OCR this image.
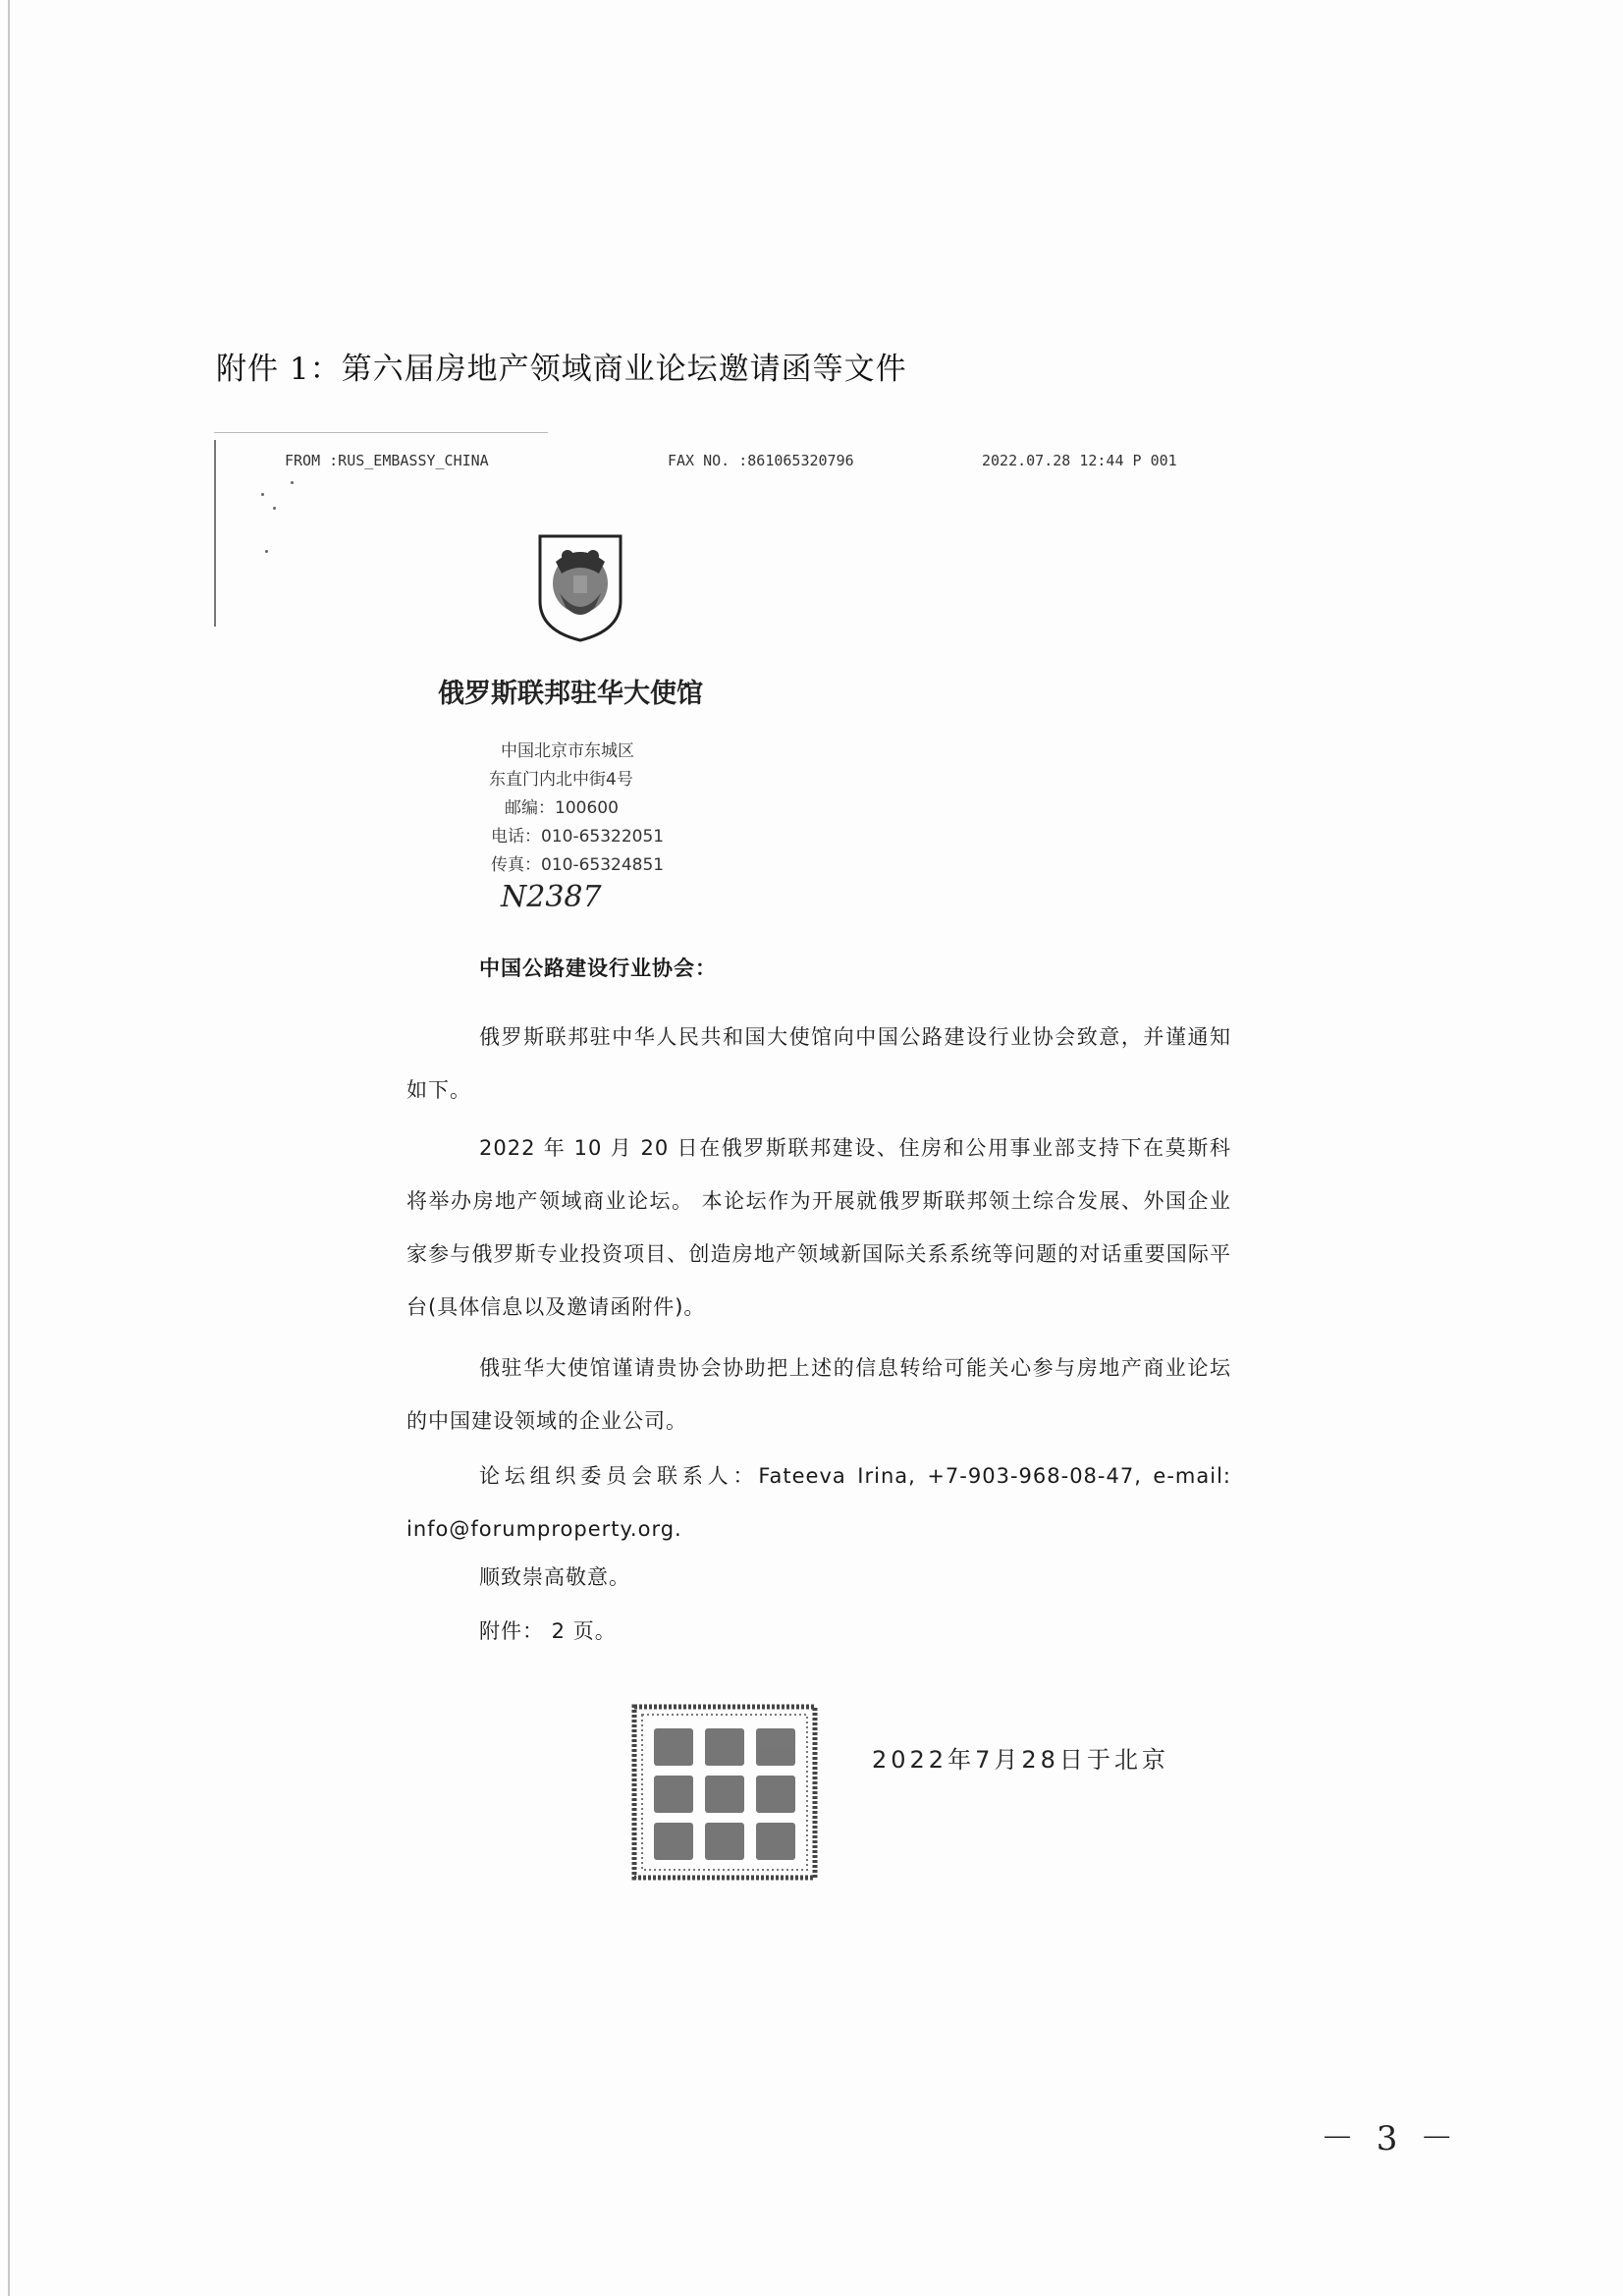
附件 1：第六届房地产领域商业论坛邀请函等文件
FROM :RUS_EMBASSY_CHINA	FAX NO. :861065320796	2022.07.28 12:44 P 001
俄罗斯联邦驻华大使馆
中国北京市东城区
东直门内北中街4号
邮编：100600
电话：010-65322051
传真：010-65324851
N2387
中国公路建设行业协会：
俄罗斯联邦驻中华人民共和国大使馆向中国公路建设行业协会致意，并谨通知如下。
2022 年 10 月 20 日在俄罗斯联邦建设、住房和公用事业部支持下在莫斯科将举办房地产领域商业论坛。 本论坛作为开展就俄罗斯联邦领土综合发展、外国企业家参与俄罗斯专业投资项目、创造房地产领域新国际关系系统等问题的对话重要国际平台(具体信息以及邀请函附件)。
俄驻华大使馆谨请贵协会协助把上述的信息转给可能关心参与房地产商业论坛的中国建设领域的企业公司。
论坛组织委员会联系人：Fateeva Irina, +7-903-968-08-47, e-mail: info@forumproperty.org.
顺致崇高敬意。
附件： 2 页。
2022年7月28日于北京
－ 3 －
